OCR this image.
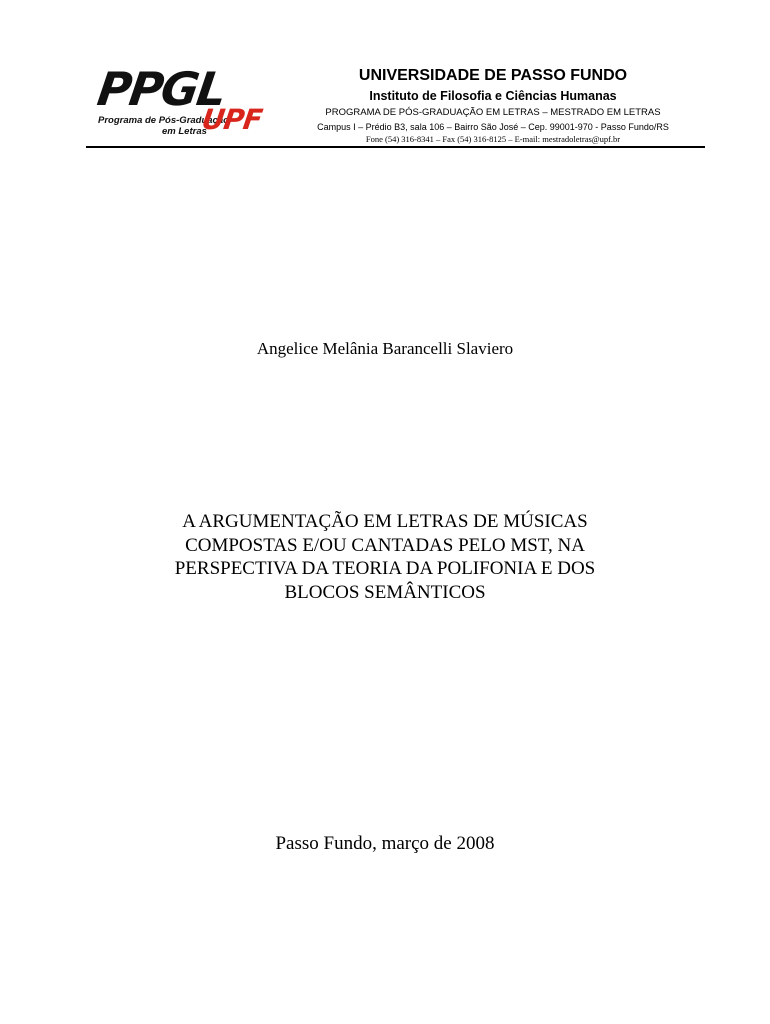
PPGL
Programa de Pós-Graduação
em Letras
UPF
UNIVERSIDADE DE PASSO FUNDO
Instituto de Filosofia e Ciências Humanas
PROGRAMA DE PÓS-GRADUAÇÃO EM LETRAS – MESTRADO EM LETRAS
Campus I – Prédio B3, sala 106 – Bairro São José – Cep. 99001-970 - Passo Fundo/RS
Fone (54) 316-8341 – Fax (54) 316-8125 – E-mail: mestradoletras@upf.br
Angelice Melânia Barancelli Slaviero
A ARGUMENTAÇÃO EM LETRAS DE MÚSICAS
COMPOSTAS E/OU CANTADAS PELO MST, NA
PERSPECTIVA DA TEORIA DA POLIFONIA E DOS
BLOCOS SEMÂNTICOS
Passo Fundo, março de 2008
